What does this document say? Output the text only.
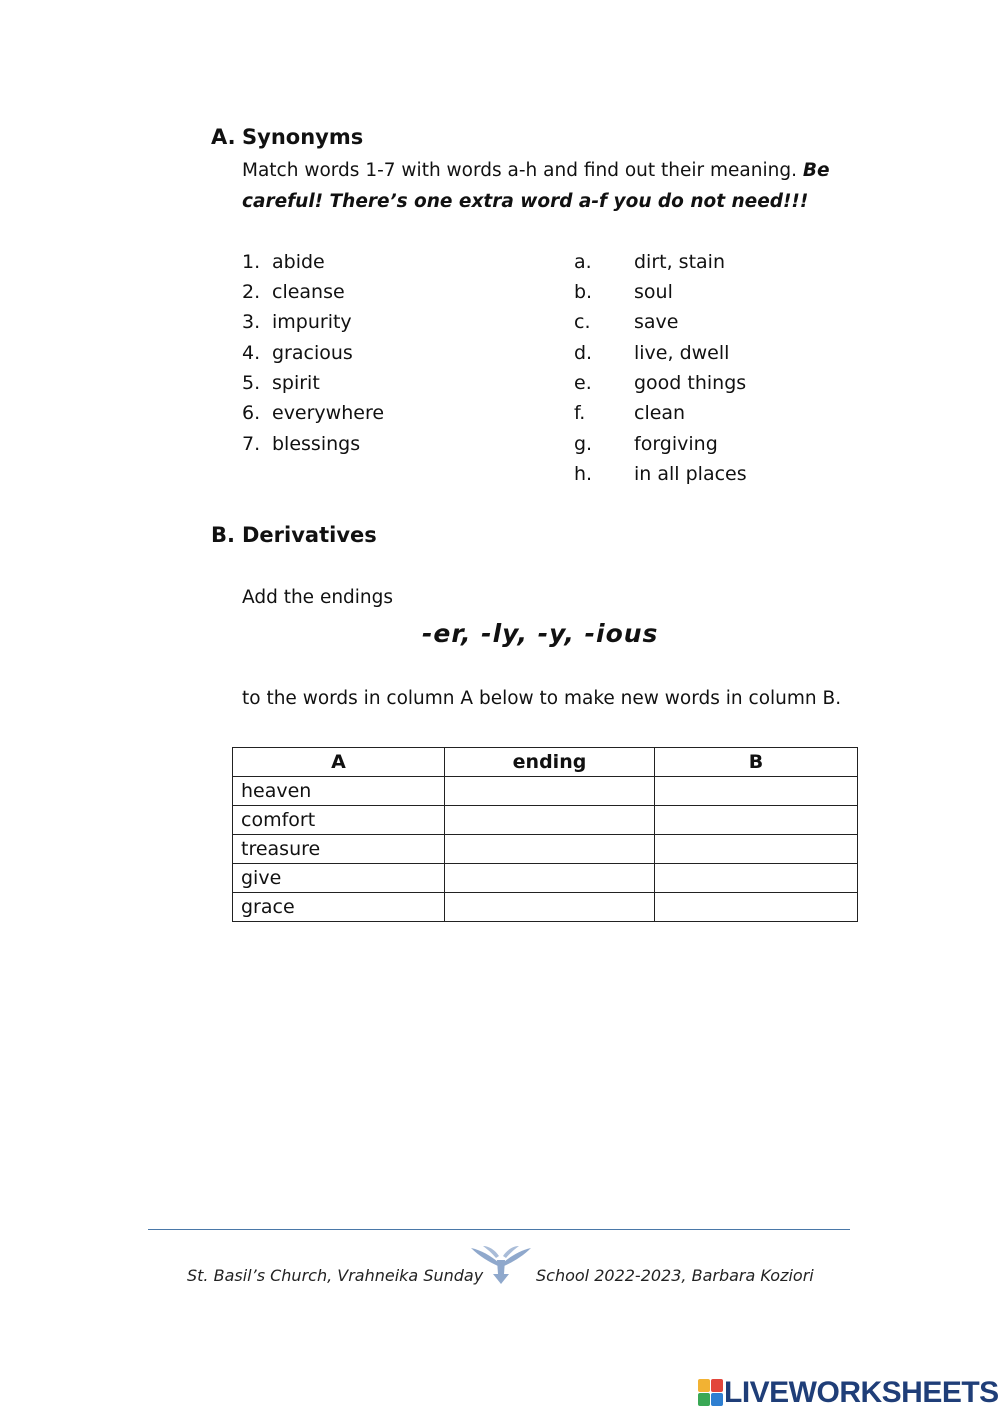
A. Synonyms
Match words 1-7 with words a-h and find out their meaning. Be
careful! There’s one extra word a-f you do not need!!!
1. abide
2. cleanse
3. impurity
4. gracious
5. spirit
6. everywhere
7. blessings
a. dirt, stain
b. soul
c. save
d. live, dwell
e. good things
f.	clean
g. forgiving
h. in all places
B. Derivatives
Add the endings
-er, -ly, -y, -ious
to the words in column A below to make new words in column B.
A	ending	B
heaven		
comfort		
treasure		
give		
grace		
St. Basil’s Church, Vrahneika Sunday	School 2022-2023, Barbara Koziori
LIVEWORKSHEETS
